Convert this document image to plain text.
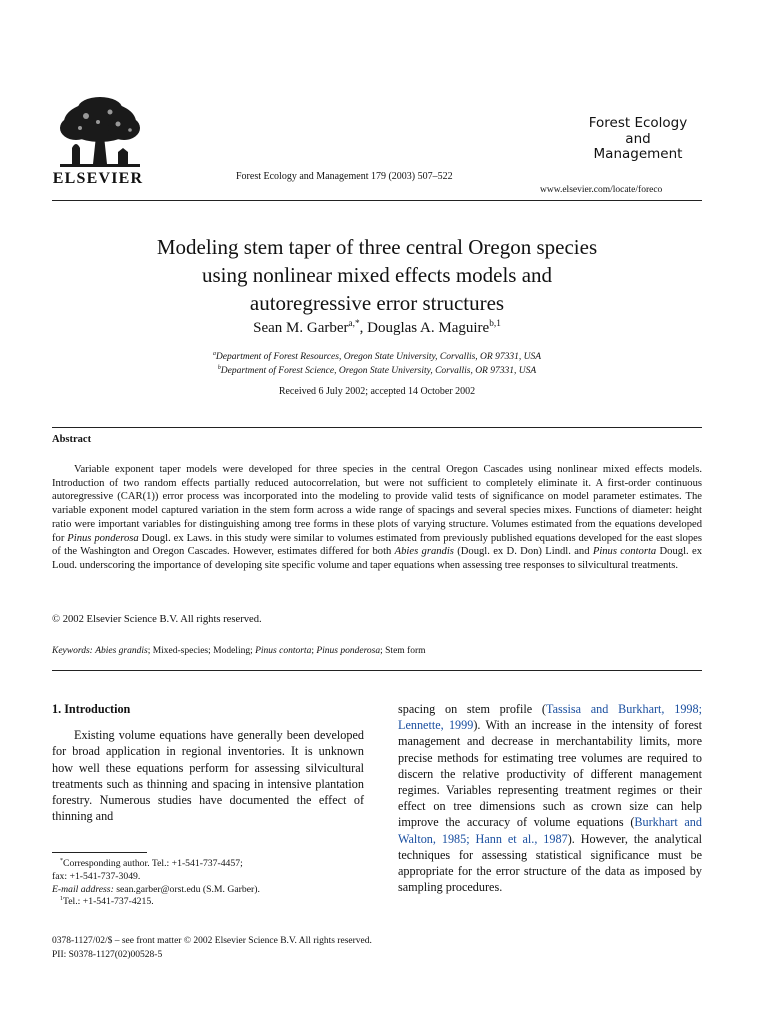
ELSEVIER	Forest Ecology and Management 179 (2003) 507–522
Forest Ecology
and
Management
www.elsevier.com/locate/foreco
Modeling stem taper of three central Oregon species
using nonlinear mixed effects models and
autoregressive error structures
Sean M. Garber$^{a,*}$, Douglas A. Maguire$^{b,1}$
$^a$Department of Forest Resources, Oregon State University, Corvallis, OR 97331, USA
$^b$Department of Forest Science, Oregon State University, Corvallis, OR 97331, USA
Received 6 July 2002; accepted 14 October 2002
Abstract
Variable exponent taper models were developed for three species in the central Oregon Cascades using nonlinear mixed effects models. Introduction of two random effects partially reduced autocorrelation, but were not sufficient to completely eliminate it. A first-order continuous autoregressive (CAR(1)) error process was incorporated into the modeling to provide valid tests of significance on model parameter estimates. The variable exponent model captured variation in the stem form across a wide range of spacings and several species mixes. Functions of diameter: height ratio were important variables for distinguishing among tree forms in these plots of varying structure. Volumes estimated from the equations developed for Pinus ponderosa Dougl. ex Laws. in this study were similar to volumes estimated from previously published equations developed for the east slopes of the Washington and Oregon Cascades. However, estimates differed for both Abies grandis (Dougl. ex D. Don) Lindl. and Pinus contorta Dougl. ex Loud. underscoring the importance of developing site specific volume and taper equations when assessing tree responses to silvicultural treatments.
© 2002 Elsevier Science B.V. All rights reserved.
Keywords: Abies grandis; Mixed-species; Modeling; Pinus contorta; Pinus ponderosa; Stem form
1. Introduction
Existing volume equations have generally been developed for broad application in regional inventories. It is unknown how well these equations perform for assessing silvicultural treatments such as thinning and spacing in intensive plantation forestry. Numerous studies have documented the effect of thinning and
spacing on stem profile (Tassisa and Burkhart, 1998; Lennette, 1999). With an increase in the intensity of forest management and decrease in merchantability limits, more precise methods for estimating tree volumes are required to discern the relative productivity of different management regimes. Variables representing treatment regimes or their effect on tree dimensions such as crown size can help improve the accuracy of volume equations (Burkhart and Walton, 1985; Hann et al., 1987). However, the analytical techniques for assessing statistical significance must be appropriate for the error structure of the data as imposed by sampling procedures.
*Corresponding author. Tel.: +1-541-737-4457;
fax: +1-541-737-3049.
E-mail address: sean.garber@orst.edu (S.M. Garber).
$^1$Tel.: +1-541-737-4215.
0378-1127/02/$ – see front matter © 2002 Elsevier Science B.V. All rights reserved.
PII: S0378-1127(02)00528-5
